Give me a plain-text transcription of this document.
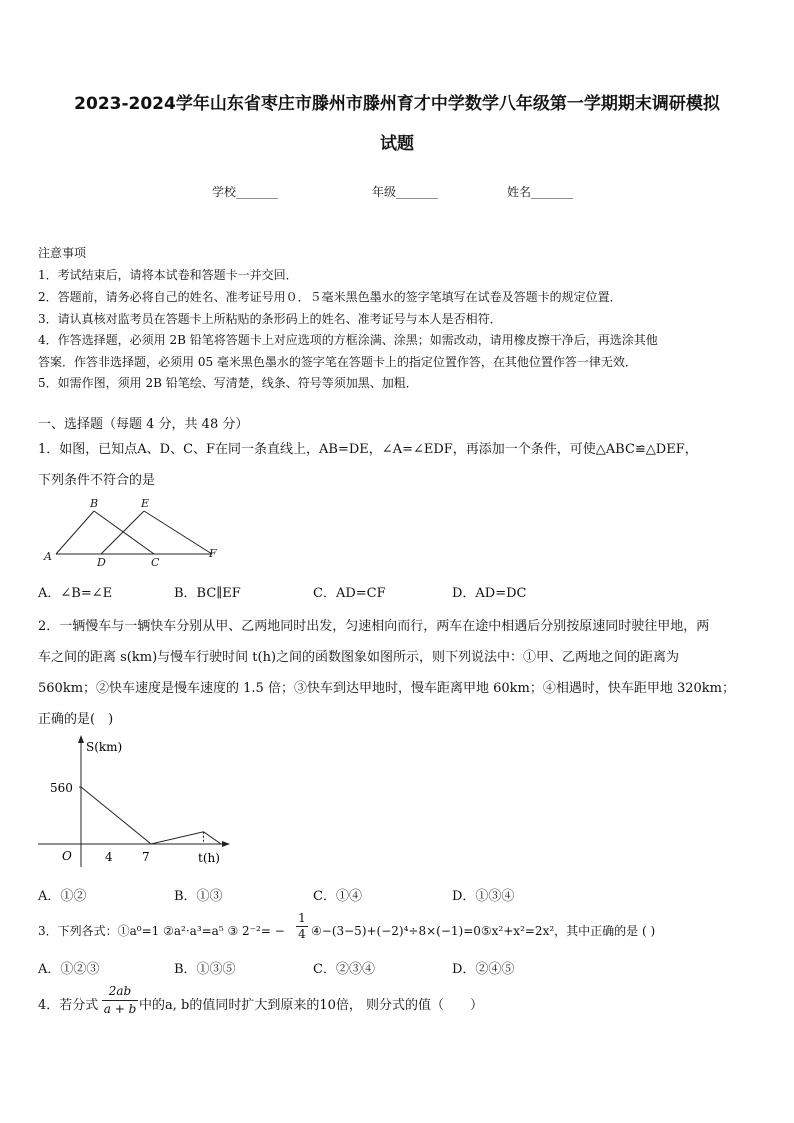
2023-2024学年山东省枣庄市滕州市滕州育才中学数学八年级第一学期期末调研模拟
试题
学校_______	年级_______	姓名_______
注意事项
1．考试结束后，请将本试卷和答题卡一并交回．
2．答题前，请务必将自己的姓名、准考证号用０．５毫米黑色墨水的签字笔填写在试卷及答题卡的规定位置．
3．请认真核对监考员在答题卡上所粘贴的条形码上的姓名、准考证号与本人是否相符．
4．作答选择题，必须用 2B 铅笔将答题卡上对应选项的方框涂满、涂黑；如需改动，请用橡皮擦干净后，再选涂其他
答案．作答非选择题，必须用 05 毫米黑色墨水的签字笔在答题卡上的指定位置作答，在其他位置作答一律无效．
5．如需作图，须用 2B 铅笔绘、写清楚，线条、符号等须加黑、加粗．
一、选择题（每题 4 分，共 48 分）
1．如图，已知点A、D、C、F在同一条直线上，AB=DE，∠A=∠EDF，再添加一个条件，可使△ABC≌△DEF，
下列条件不符合的是
A
B
C
D
E
F
A．∠B=∠E	B．BC∥EF	C．AD=CF	D．AD=DC
2．一辆慢车与一辆快车分别从甲、乙两地同时出发，匀速相向而行，两车在途中相遇后分别按原速同时驶往甲地，两
车之间的距离 s(km)与慢车行驶时间 t(h)之间的函数图象如图所示，则下列说法中：①甲、乙两地之间的距离为
560km；②快车速度是慢车速度的 1.5 倍；③快车到达甲地时，慢车距离甲地 60km；④相遇时，快车距甲地 320km；
正确的是(　)
S(km)
t(h)
O
560
4 7
A．①②	B．①③	C．①④	D．①③④
3．下列各式：①a⁰=1 ②a²·a³=a⁵ ③ $2^{-2}= - \frac{1}{4}$ ④−(3−5)+(−2)⁴÷8×(−1)=0⑤x²+x²=2x²，其中正确的是 ( )
A．①②③	B．①③⑤	C．②③④	D．②④⑤
4．若分式 $\frac{2ab}{a + b}$ 中的a, b的值同时扩大到原来的10倍， 则分式的值（　　）
